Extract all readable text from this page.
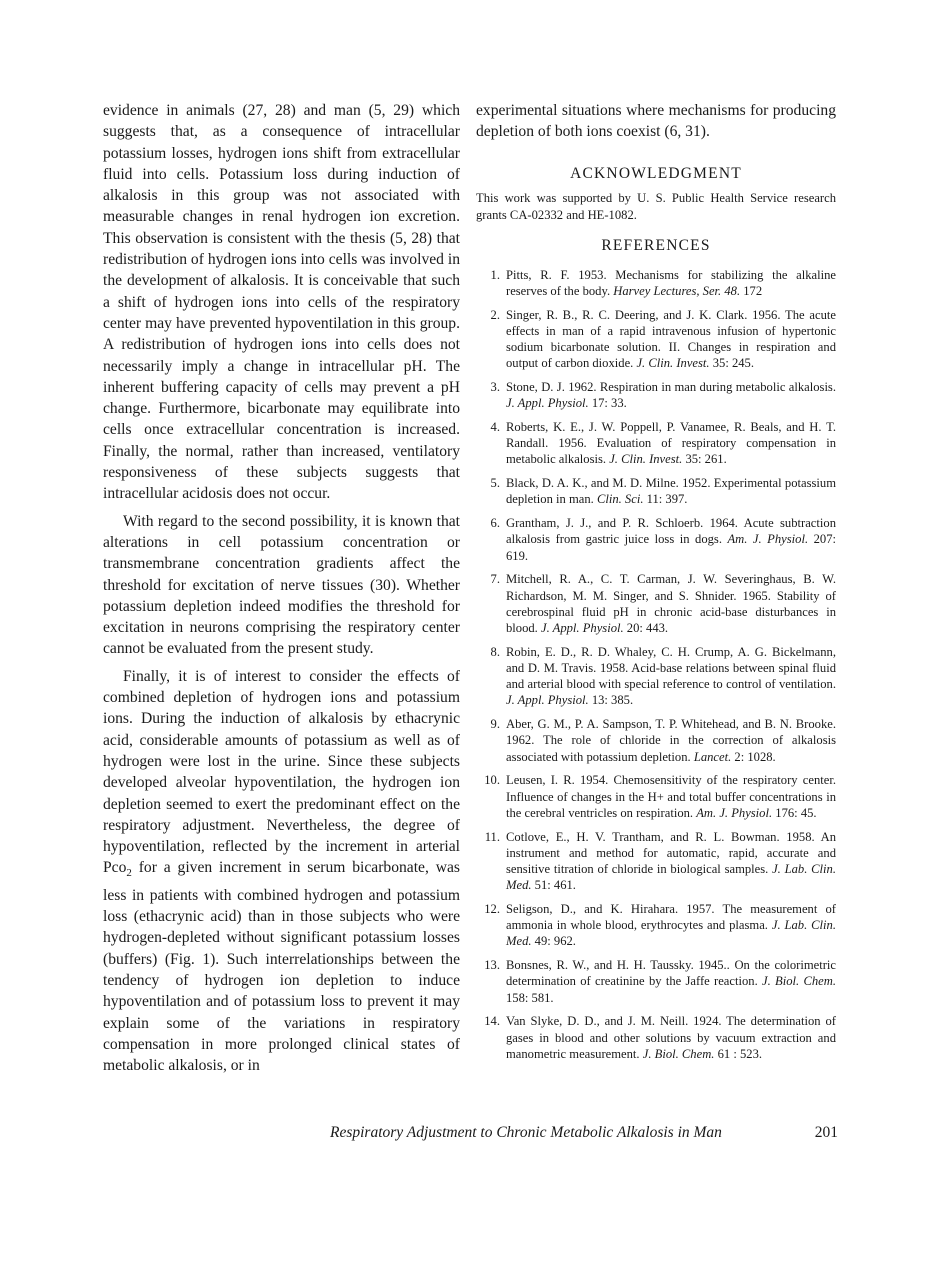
evidence in animals (27, 28) and man (5, 29) which suggests that, as a consequence of intracellular potassium losses, hydrogen ions shift from extracellular fluid into cells. Potassium loss during induction of alkalosis in this group was not associated with measurable changes in renal hydrogen ion excretion. This observation is consistent with the thesis (5, 28) that redistribution of hydrogen ions into cells was involved in the development of alkalosis. It is conceivable that such a shift of hydrogen ions into cells of the respiratory center may have prevented hypoventilation in this group. A redistribution of hydrogen ions into cells does not necessarily imply a change in intracellular pH. The inherent buffering capacity of cells may prevent a pH change. Furthermore, bicarbonate may equilibrate into cells once extracellular concentration is increased. Finally, the normal, rather than increased, ventilatory responsiveness of these subjects suggests that intracellular acidosis does not occur.

With regard to the second possibility, it is known that alterations in cell potassium concentration or transmembrane concentration gradients affect the threshold for excitation of nerve tissues (30). Whether potassium depletion indeed modifies the threshold for excitation in neurons comprising the respiratory center cannot be evaluated from the present study.

Finally, it is of interest to consider the effects of combined depletion of hydrogen ions and potassium ions. During the induction of alkalosis by ethacrynic acid, considerable amounts of potassium as well as of hydrogen were lost in the urine. Since these subjects developed alveolar hypoventilation, the hydrogen ion depletion seemed to exert the predominant effect on the respiratory adjustment. Nevertheless, the degree of hypoventilation, reflected by the increment in arterial Pco$_2$ for a given increment in serum bicarbonate, was less in patients with combined hydrogen and potassium loss (ethacrynic acid) than in those subjects who were hydrogen-depleted without significant potassium losses (buffers) (Fig. 1). Such interrelationships between the tendency of hydrogen ion depletion to induce hypoventilation and of potassium loss to prevent it may explain some of the variations in respiratory compensation in more prolonged clinical states of metabolic alkalosis, or in

experimental situations where mechanisms for producing depletion of both ions coexist (6, 31).

ACKNOWLEDGMENT

This work was supported by U. S. Public Health Service research grants CA-02332 and HE-1082.

REFERENCES
1. Pitts, R. F. 1953. Mechanisms for stabilizing the alkaline reserves of the body. Harvey Lectures, Ser. 48. 172
2. Singer, R. B., R. C. Deering, and J. K. Clark. 1956. The acute effects in man of a rapid intravenous infusion of hypertonic sodium bicarbonate solution. II. Changes in respiration and output of carbon dioxide. J. Clin. Invest. 35: 245.
3. Stone, D. J. 1962. Respiration in man during metabolic alkalosis. J. Appl. Physiol. 17: 33.
4. Roberts, K. E., J. W. Poppell, P. Vanamee, R. Beals, and H. T. Randall. 1956. Evaluation of respiratory compensation in metabolic alkalosis. J. Clin. Invest. 35: 261.
5. Black, D. A. K., and M. D. Milne. 1952. Experimental potassium depletion in man. Clin. Sci. 11: 397.
6. Grantham, J. J., and P. R. Schloerb. 1964. Acute subtraction alkalosis from gastric juice loss in dogs. Am. J. Physiol. 207: 619.
7. Mitchell, R. A., C. T. Carman, J. W. Severinghaus, B. W. Richardson, M. M. Singer, and S. Shnider. 1965. Stability of cerebrospinal fluid pH in chronic acid-base disturbances in blood. J. Appl. Physiol. 20: 443.
8. Robin, E. D., R. D. Whaley, C. H. Crump, A. G. Bickelmann, and D. M. Travis. 1958. Acid-base relations between spinal fluid and arterial blood with special reference to control of ventilation. J. Appl. Physiol. 13: 385.
9. Aber, G. M., P. A. Sampson, T. P. Whitehead, and B. N. Brooke. 1962. The role of chloride in the correction of alkalosis associated with potassium depletion. Lancet. 2: 1028.
10. Leusen, I. R. 1954. Chemosensitivity of the respiratory center. Influence of changes in the H+ and total buffer concentrations in the cerebral ventricles on respiration. Am. J. Physiol. 176: 45.
11. Cotlove, E., H. V. Trantham, and R. L. Bowman. 1958. An instrument and method for automatic, rapid, accurate and sensitive titration of chloride in biological samples. J. Lab. Clin. Med. 51: 461.
12. Seligson, D., and K. Hirahara. 1957. The measurement of ammonia in whole blood, erythrocytes and plasma. J. Lab. Clin. Med. 49: 962.
13. Bonsnes, R. W., and H. H. Taussky. 1945.. On the colorimetric determination of creatinine by the Jaffe reaction. J. Biol. Chem. 158: 581.
14. Van Slyke, D. D., and J. M. Neill. 1924. The determination of gases in blood and other solutions by vacuum extraction and manometric measurement. J. Biol. Chem. 61 : 523.
Respiratory Adjustment to Chronic Metabolic Alkalosis in Man	201
